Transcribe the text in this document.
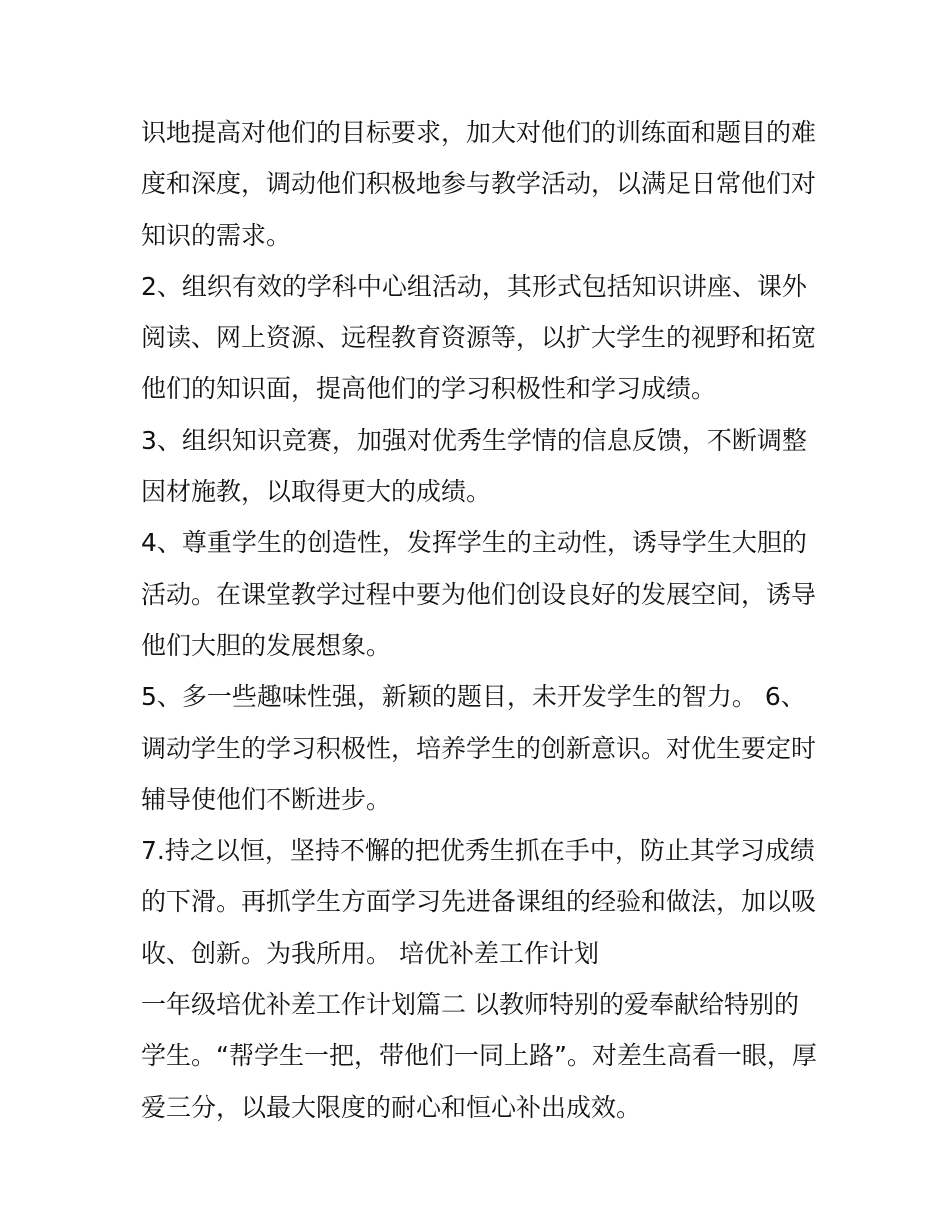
识地提高对他们的目标要求，加大对他们的训练面和题目的难
度和深度，调动他们积极地参与教学活动，以满足日常他们对
知识的需求。
2、组织有效的学科中心组活动，其形式包括知识讲座、课外
阅读、网上资源、远程教育资源等，以扩大学生的视野和拓宽
他们的知识面，提高他们的学习积极性和学习成绩。
3、组织知识竞赛，加强对优秀生学情的信息反馈，不断调整
因材施教，以取得更大的成绩。
4、尊重学生的创造性，发挥学生的主动性，诱导学生大胆的
活动。在课堂教学过程中要为他们创设良好的发展空间，诱导
他们大胆的发展想象。
5、多一些趣味性强，新颖的题目，未开发学生的智力。 6、
调动学生的学习积极性，培养学生的创新意识。对优生要定时
辅导使他们不断进步。
7.持之以恒，坚持不懈的把优秀生抓在手中，防止其学习成绩
的下滑。再抓学生方面学习先进备课组的经验和做法，加以吸
收、创新。为我所用。 培优补差工作计划
一年级培优补差工作计划篇二 以教师特别的爱奉献给特别的
学生。“帮学生一把，带他们一同上路”。对差生高看一眼，厚
爱三分，以最大限度的耐心和恒心补出成效。
